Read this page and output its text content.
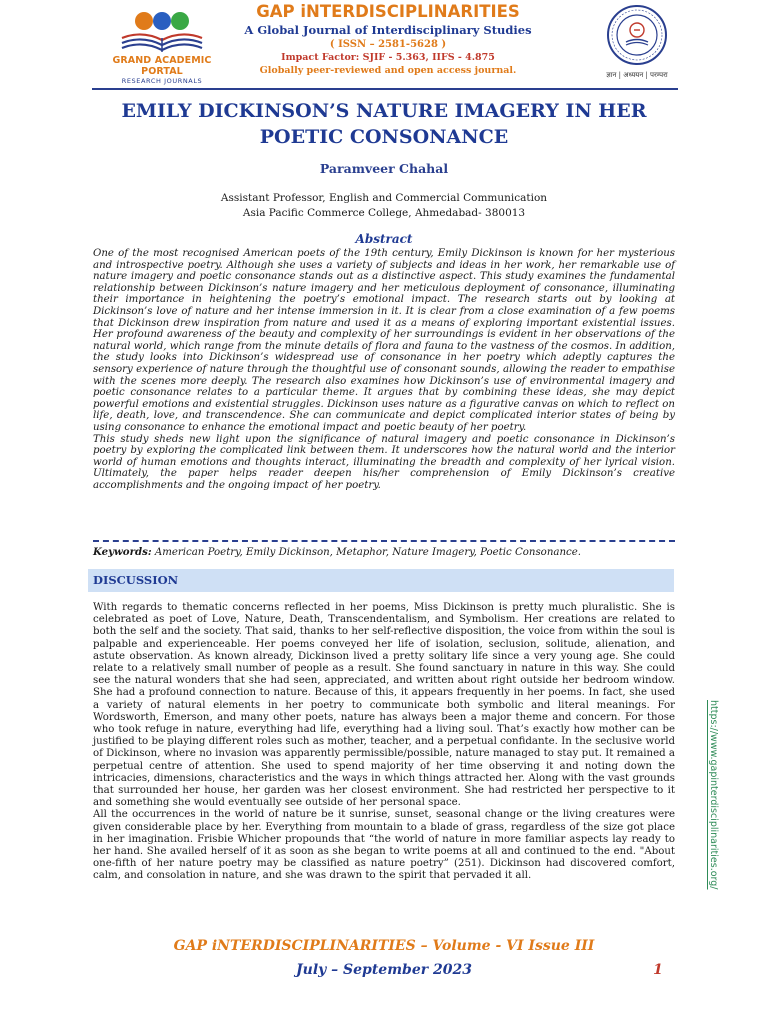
GRAND ACADEMIC PORTAL
RESEARCH JOURNALS
GAP iNTERDISCIPLINARITIES
A Global Journal of Interdisciplinary Studies
( ISSN – 2581-5628 )
Impact Factor: SJIF - 5.363, IIFS - 4.875
Globally peer-reviewed and open access journal.	ज्ञान | अध्ययन | परम्परा
EMILY DICKINSON’S NATURE IMAGERY IN HER POETIC CONSONANCE
Paramveer Chahal
Assistant Professor, English and Commercial Communication
Asia Pacific Commerce College, Ahmedabad- 380013
Abstract

One of the most recognised American poets of the 19th century, Emily Dickinson is known for her mysterious and introspective poetry. Although she uses a variety of subjects and ideas in her work, her remarkable use of nature imagery and poetic consonance stands out as a distinctive aspect. This study examines the fundamental relationship between Dickinson’s nature imagery and her meticulous deployment of consonance, illuminating their importance in heightening the poetry’s emotional impact. The research starts out by looking at Dickinson’s love of nature and her intense immersion in it. It is clear from a close examination of a few poems that Dickinson drew inspiration from nature and used it as a means of exploring important existential issues. Her profound awareness of the beauty and complexity of her surroundings is evident in her observations of the natural world, which range from the minute details of flora and fauna to the vastness of the cosmos. In addition, the study looks into Dickinson’s widespread use of consonance in her poetry which adeptly captures the sensory experience of nature through the thoughtful use of consonant sounds, allowing the reader to empathise with the scenes more deeply. The research also examines how Dickinson’s use of environmental imagery and poetic consonance relates to a particular theme. It argues that by combining these ideas, she may depict powerful emotions and existential struggles. Dickinson uses nature as a figurative canvas on which to reflect on life, death, love, and transcendence. She can communicate and depict complicated interior states of being by using consonance to enhance the emotional impact and poetic beauty of her poetry.

This study sheds new light upon the significance of natural imagery and poetic consonance in Dickinson’s poetry by exploring the complicated link between them. It underscores how the natural world and the interior world of human emotions and thoughts interact, illuminating the breadth and complexity of her lyrical vision. Ultimately, the paper helps reader deepen his/her comprehension of Emily Dickinson’s creative accomplishments and the ongoing impact of her poetry.

Keywords: American Poetry, Emily Dickinson, Metaphor, Nature Imagery, Poetic Consonance.
DISCUSSION

With regards to thematic concerns reflected in her poems, Miss Dickinson is pretty much pluralistic. She is celebrated as poet of Love, Nature, Death, Transcendentalism, and Symbolism. Her creations are related to both the self and the society. That said, thanks to her self-reflective disposition, the voice from within the soul is palpable and experienceable. Her poems conveyed her life of isolation, seclusion, solitude, alienation, and astute observation. As known already, Dickinson lived a pretty solitary life since a very young age. She could relate to a relatively small number of people as a result. She found sanctuary in nature in this way. She could see the natural wonders that she had seen, appreciated, and written about right outside her bedroom window. She had a profound connection to nature. Because of this, it appears frequently in her poems. In fact, she used a variety of natural elements in her poetry to communicate both symbolic and literal meanings. For Wordsworth, Emerson, and many other poets, nature has always been a major theme and concern. For those who took refuge in nature, everything had life, everything had a living soul. That’s exactly how mother can be justified to be playing different roles such as mother, teacher, and a perpetual confidante. In the seclusive world of Dickinson, where no invasion was apparently permissible/possible, nature managed to stay put. It remained a perpetual centre of attention. She used to spend majority of her time observing it and noting down the intricacies, dimensions, characteristics and the ways in which things attracted her. Along with the vast grounds that surrounded her house, her garden was her closest environment. She had restricted her perspective to it and something she would eventually see outside of her personal space.

All the occurrences in the world of nature be it sunrise, sunset, seasonal change or the living creatures were given considerable place by her. Everything from mountain to a blade of grass, regardless of the size got place in her imagination. Frisbie Whicher propounds that “the world of nature in more familiar aspects lay ready to her hand. She availed herself of it as soon as she began to write poems at all and continued to the end. "About one-fifth of her nature poetry may be classified as nature poetry” (251). Dickinson had discovered comfort, calm, and consolation in nature, and she was drawn to the spirit that pervaded it all.	https://www.gapinterdisciplinarities.org/
GAP iNTERDISCIPLINARITIES – Volume - VI Issue III
July – September 2023	1
